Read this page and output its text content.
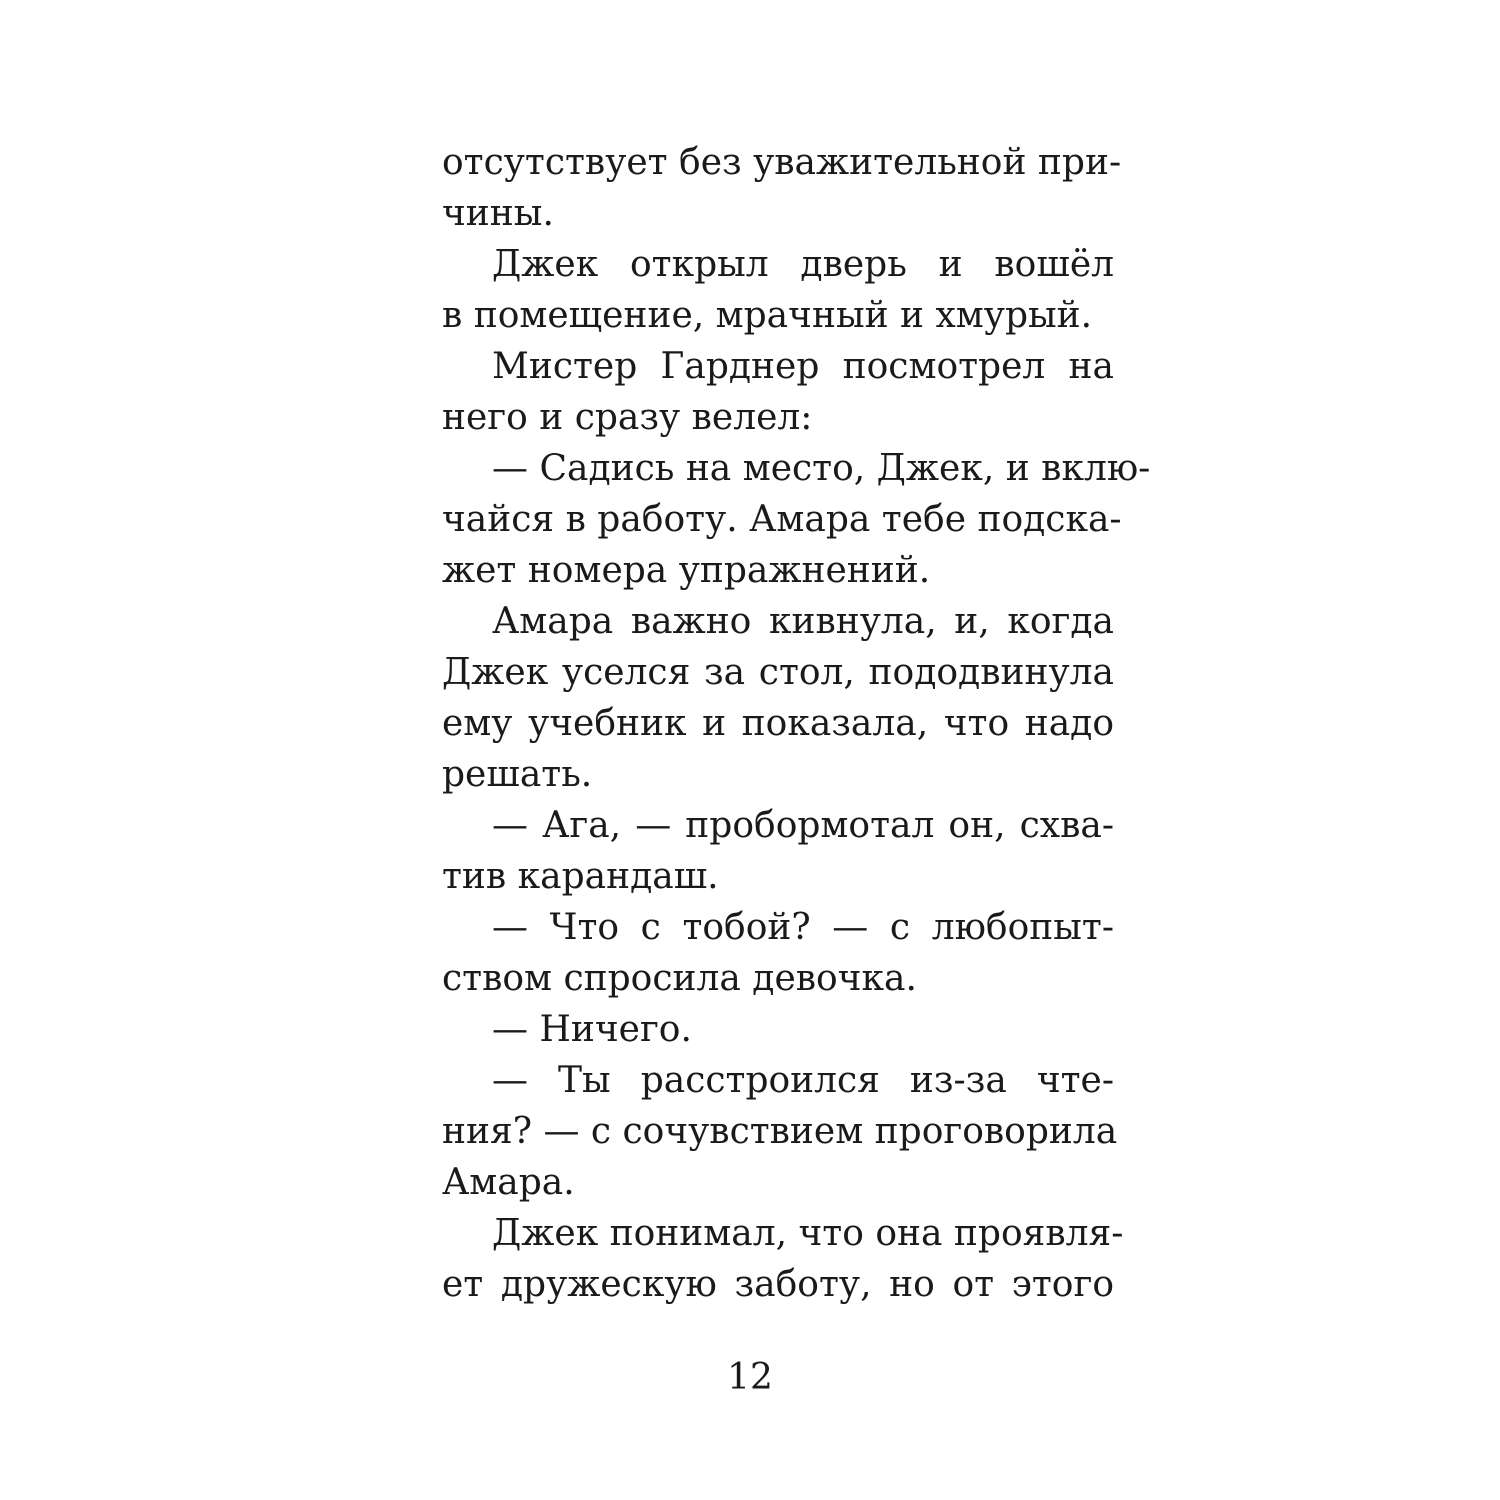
отсутствует без уважительной при-
чины.
Джек открыл дверь и вошёл
в помещение, мрачный и хмурый.
Мистер Гарднер посмотрел на
него и сразу велел:
— Садись на место, Джек, и вклю-
чайся в работу. Амара тебе подска-
жет номера упражнений.
Амара важно кивнула, и, когда
Джек уселся за стол, пододвинула
ему учебник и показала, что надо
решать.
— Ага, — пробормотал он, схва-
тив карандаш.
— Что с тобой? — с любопыт-
ством спросила девочка.
— Ничего.
— Ты расстроился из-за чте-
ния? — с сочувствием проговорила
Амара.
Джек понимал, что она проявля-
ет дружескую заботу, но от этого
12
